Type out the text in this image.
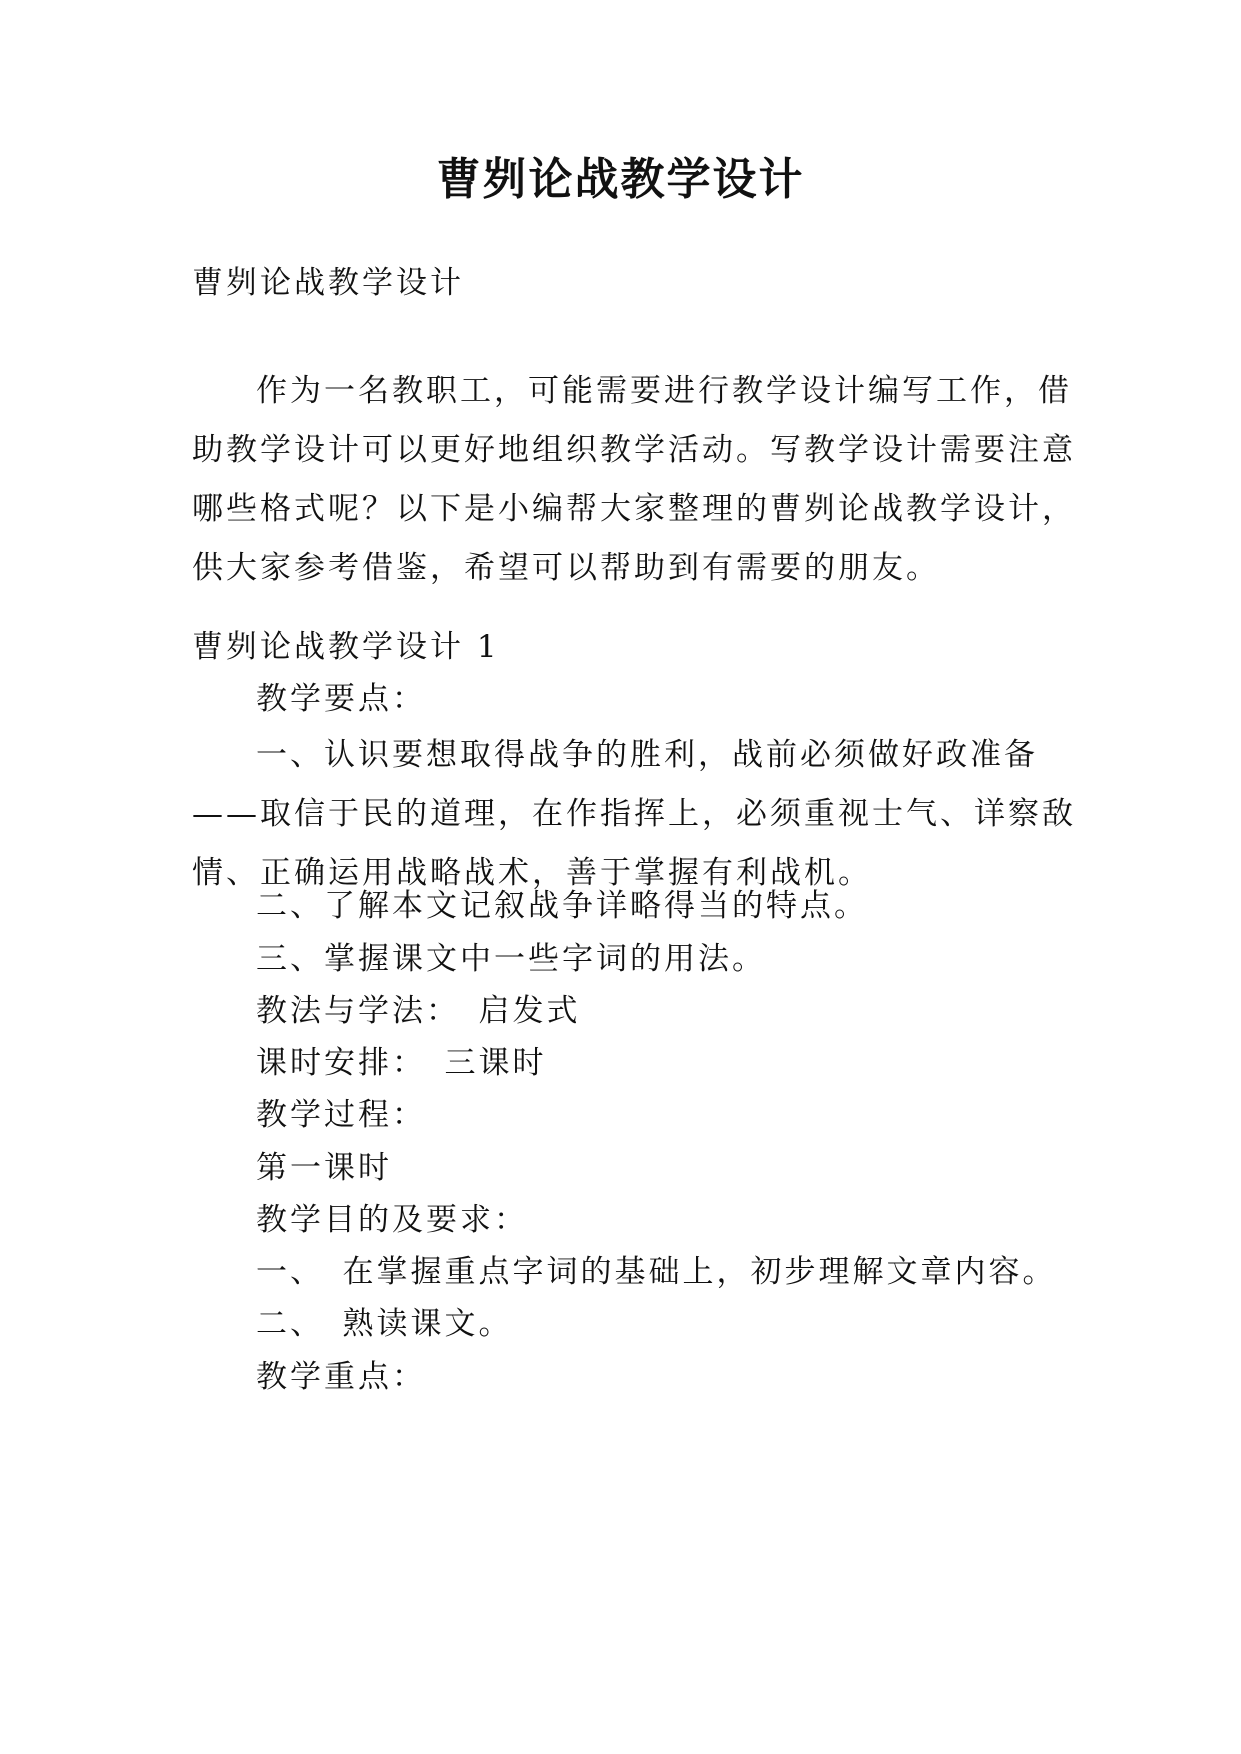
曹刿论战教学设计

曹刿论战教学设计

作为一名教职工，可能需要进行教学设计编写工作，借
助教学设计可以更好地组织教学活动。写教学设计需要注意
哪些格式呢？以下是小编帮大家整理的曹刿论战教学设计，
供大家参考借鉴，希望可以帮助到有需要的朋友。

曹刿论战教学设计 1

教学要点：

一、认识要想取得战争的胜利，战前必须做好政准备
——取信于民的道理，在作指挥上，必须重视士气、详察敌
情、正确运用战略战术，善于掌握有利战机。

二、了解本文记叙战争详略得当的特点。

三、掌握课文中一些字词的用法。

教法与学法：　启发式

课时安排：　三课时

教学过程：

第一课时

教学目的及要求：

一、　在掌握重点字词的基础上，初步理解文章内容。

二、　熟读课文。

教学重点：
